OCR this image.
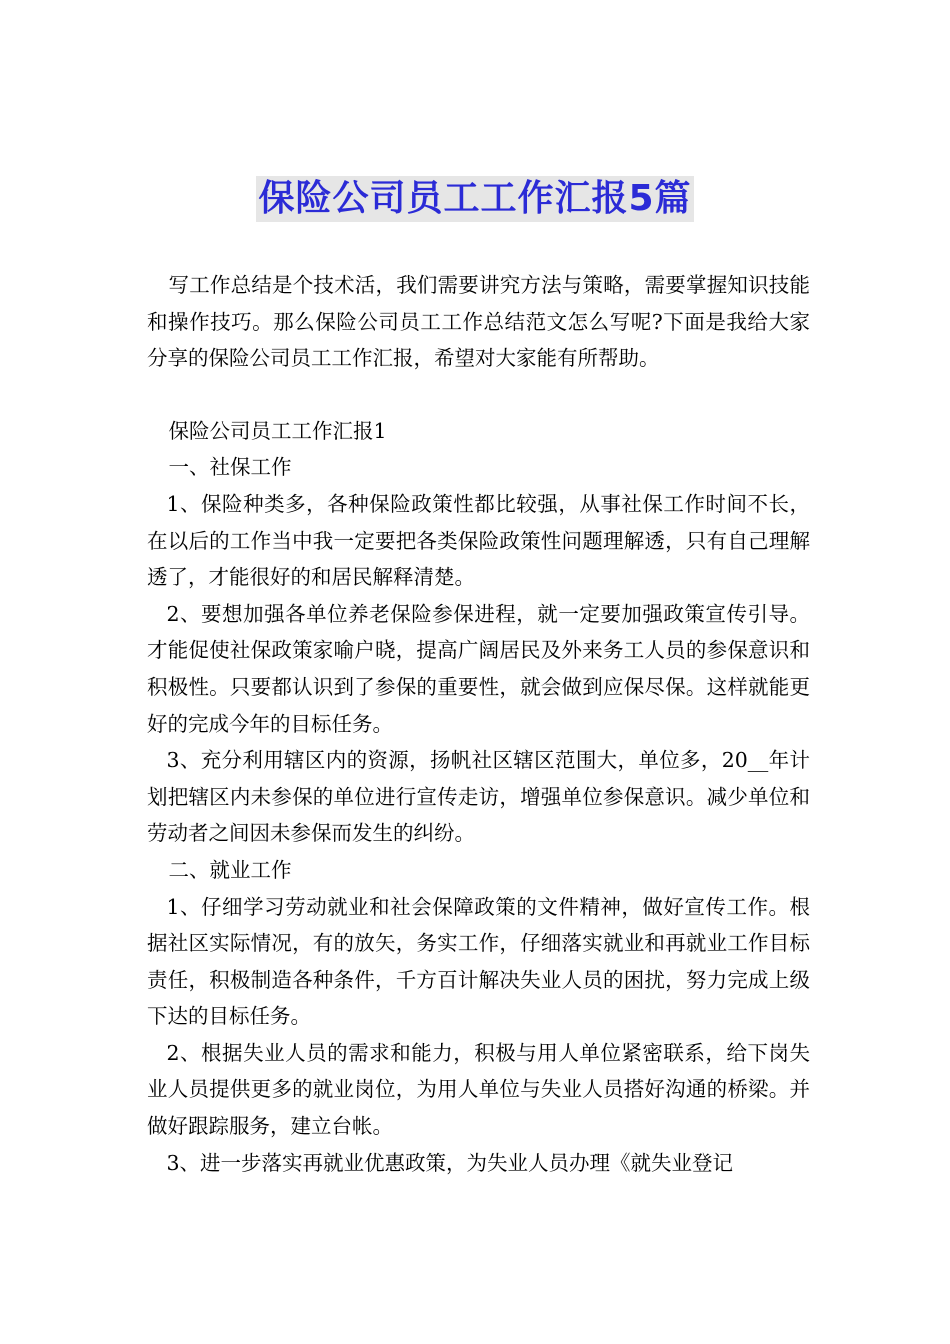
保险公司员工工作汇报5篇

写工作总结是个技术活，我们需要讲究方法与策略，需要掌握知识技能和操作技巧。那么保险公司员工工作总结范文怎么写呢?下面是我给大家分享的保险公司员工工作汇报，希望对大家能有所帮助。

保险公司员工工作汇报1

一、社保工作

1、保险种类多，各种保险政策性都比较强，从事社保工作时间不长，在以后的工作当中我一定要把各类保险政策性问题理解透，只有自己理解透了，才能很好的和居民解释清楚。

2、要想加强各单位养老保险参保进程，就一定要加强政策宣传引导。才能促使社保政策家喻户晓，提高广阔居民及外来务工人员的参保意识和积极性。只要都认识到了参保的重要性，就会做到应保尽保。这样就能更好的完成今年的目标任务。

3、充分利用辖区内的资源，扬帆社区辖区范围大，单位多，20__年计划把辖区内未参保的单位进行宣传走访，增强单位参保意识。减少单位和劳动者之间因未参保而发生的纠纷。

二、就业工作

1、仔细学习劳动就业和社会保障政策的文件精神，做好宣传工作。根据社区实际情况，有的放矢，务实工作，仔细落实就业和再就业工作目标责任，积极制造各种条件，千方百计解决失业人员的困扰，努力完成上级下达的目标任务。

2、根据失业人员的需求和能力，积极与用人单位紧密联系，给下岗失业人员提供更多的就业岗位，为用人单位与失业人员搭好沟通的桥梁。并做好跟踪服务，建立台帐。

3、进一步落实再就业优惠政策，为失业人员办理《就失业登记
